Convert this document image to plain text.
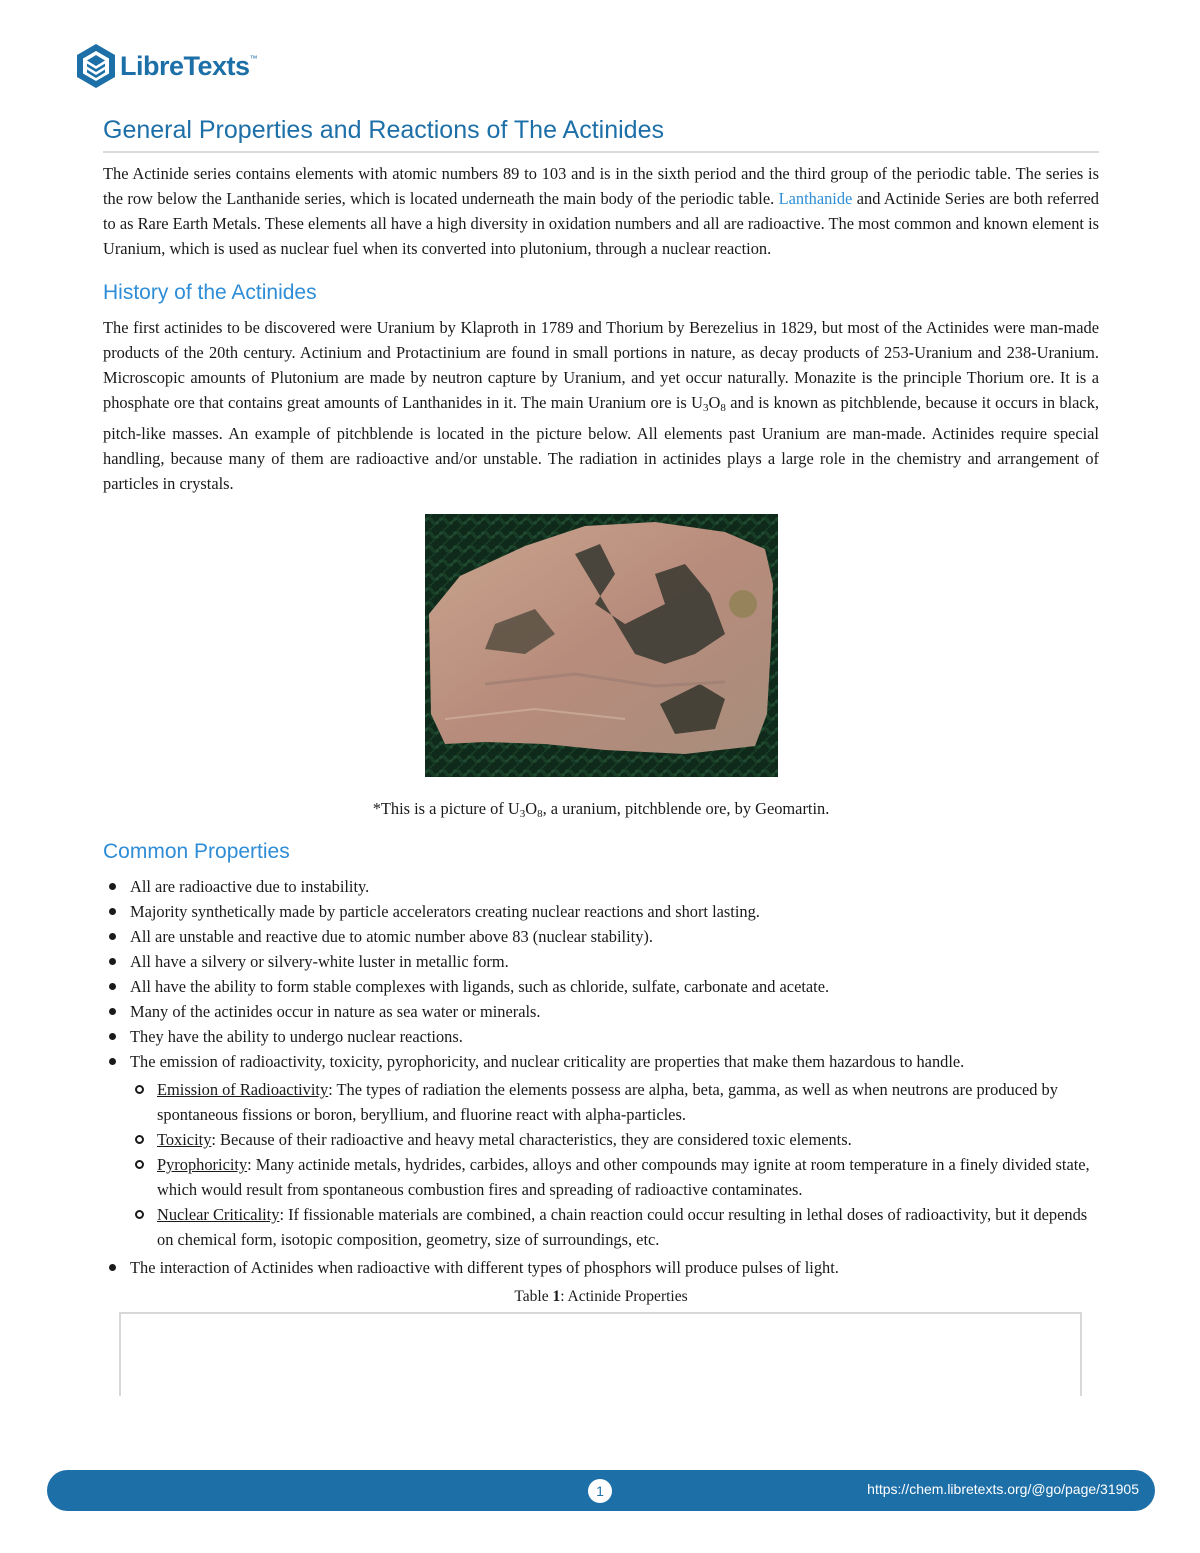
LibreTexts ™
General Properties and Reactions of The Actinides

The Actinide series contains elements with atomic numbers 89 to 103 and is in the sixth period and the third group of the periodic table. The series is the row below the Lanthanide series, which is located underneath the main body of the periodic table. Lanthanide and Actinide Series are both referred to as Rare Earth Metals. These elements all have a high diversity in oxidation numbers and all are radioactive. The most common and known element is Uranium, which is used as nuclear fuel when its converted into plutonium, through a nuclear reaction.

History of the Actinides

The first actinides to be discovered were Uranium by Klaproth in 1789 and Thorium by Berezelius in 1829, but most of the Actinides were man-made products of the 20th century. Actinium and Protactinium are found in small portions in nature, as decay products of 253-Uranium and 238-Uranium. Microscopic amounts of Plutonium are made by neutron capture by Uranium, and yet occur naturally. Monazite is the principle Thorium ore. It is a phosphate ore that contains great amounts of Lanthanides in it. The main Uranium ore is $U_3O_8$ and is known as pitchblende, because it occurs in black, pitch-like masses. An example of pitchblende is located in the picture below. All elements past Uranium are man-made. Actinides require special handling, because many of them are radioactive and/or unstable. The radiation in actinides plays a large role in the chemistry and arrangement of particles in crystals.

*This is a picture of $U_3O_8$, a uranium, pitchblende ore, by Geomartin.

Common Properties
All are radioactive due to instability.
Majority synthetically made by particle accelerators creating nuclear reactions and short lasting.
All are unstable and reactive due to atomic number above 83 (nuclear stability).
All have a silvery or silvery-white luster in metallic form.
All have the ability to form stable complexes with ligands, such as chloride, sulfate, carbonate and acetate.
Many of the actinides occur in nature as sea water or minerals.
They have the ability to undergo nuclear reactions.
The emission of radioactivity, toxicity, pyrophoricity, and nuclear criticality are properties that make them hazardous to handle.
Emission of Radioactivity: The types of radiation the elements possess are alpha, beta, gamma, as well as when neutrons are produced by spontaneous fissions or boron, beryllium, and fluorine react with alpha-particles.
Toxicity: Because of their radioactive and heavy metal characteristics, they are considered toxic elements.
Pyrophoricity: Many actinide metals, hydrides, carbides, alloys and other compounds may ignite at room temperature in a finely divided state, which would result from spontaneous combustion fires and spreading of radioactive contaminates.
Nuclear Criticality: If fissionable materials are combined, a chain reaction could occur resulting in lethal doses of radioactivity, but it depends on chemical form, isotopic composition, geometry, size of surroundings, etc.
The interaction of Actinides when radioactive with different types of phosphors will produce pulses of light.

Table 1: Actinide Properties

1	https://chem.libretexts.org/@go/page/31905
